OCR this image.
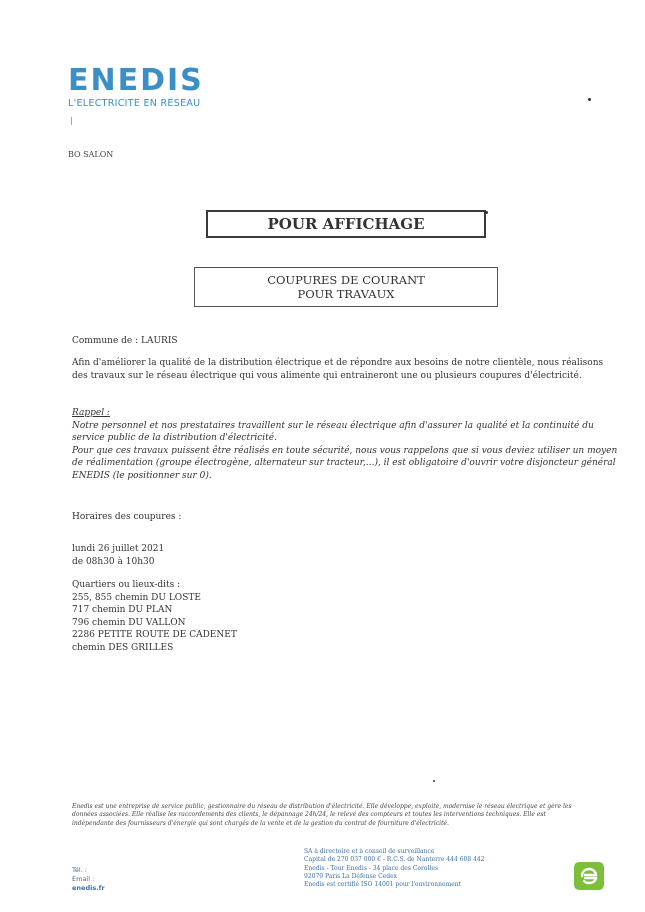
ENEDIS
L'ELECTRICITE EN RESEAU
BO SALON
POUR AFFICHAGE
COUPURES DE COURANT
POUR TRAVAUX
Commune de : LAURIS
Afin d'améliorer la qualité de la distribution électrique et de répondre aux besoins de notre clientèle, nous réalisons des travaux sur le réseau électrique qui vous alimente qui entraineront une ou plusieurs coupures d'électricité.
Rappel :
Notre personnel et nos prestataires travaillent sur le réseau électrique afin d'assurer la qualité et la continuité du service public de la distribution d'électricité.
Pour que ces travaux puissent être réalisés en toute sécurité, nous vous rappelons que si vous deviez utiliser un moyen de réalimentation (groupe électrogène, alternateur sur tracteur,...), il est obligatoire d'ouvrir votre disjoncteur général ENEDIS (le positionner sur 0).
Horaires des coupures :
lundi 26 juillet 2021
de 08h30 à 10h30
Quartiers ou lieux-dits :
255, 855 chemin DU LOSTE
717 chemin DU PLAN
796 chemin DU VALLON
2286 PETITE ROUTE DE CADENET
chemin DES GRILLES
Enedis est une entreprise de service public, gestionnaire du réseau de distribution d'électricité. Elle développe, exploite, modernise le réseau électrique et gère les données associées. Elle réalise les raccordements des clients, le dépannage 24h/24, le relevé des compteurs et toutes les interventions techniques. Elle est indépendante des fournisseurs d'énergie qui sont chargés de la vente et de la gestion du contrat de fourniture d'électricité.
Tél. :
Email :
enedis.fr
SA à directoire et à conseil de surveillance
Capital de 270 037 000 € - R.C.S. de Nanterre 444 608 442
Enedis - Tour Enedis - 34 place des Corolles
92079 Paris La Défense Cedex
Enedis est certifié ISO 14001 pour l'environnement
